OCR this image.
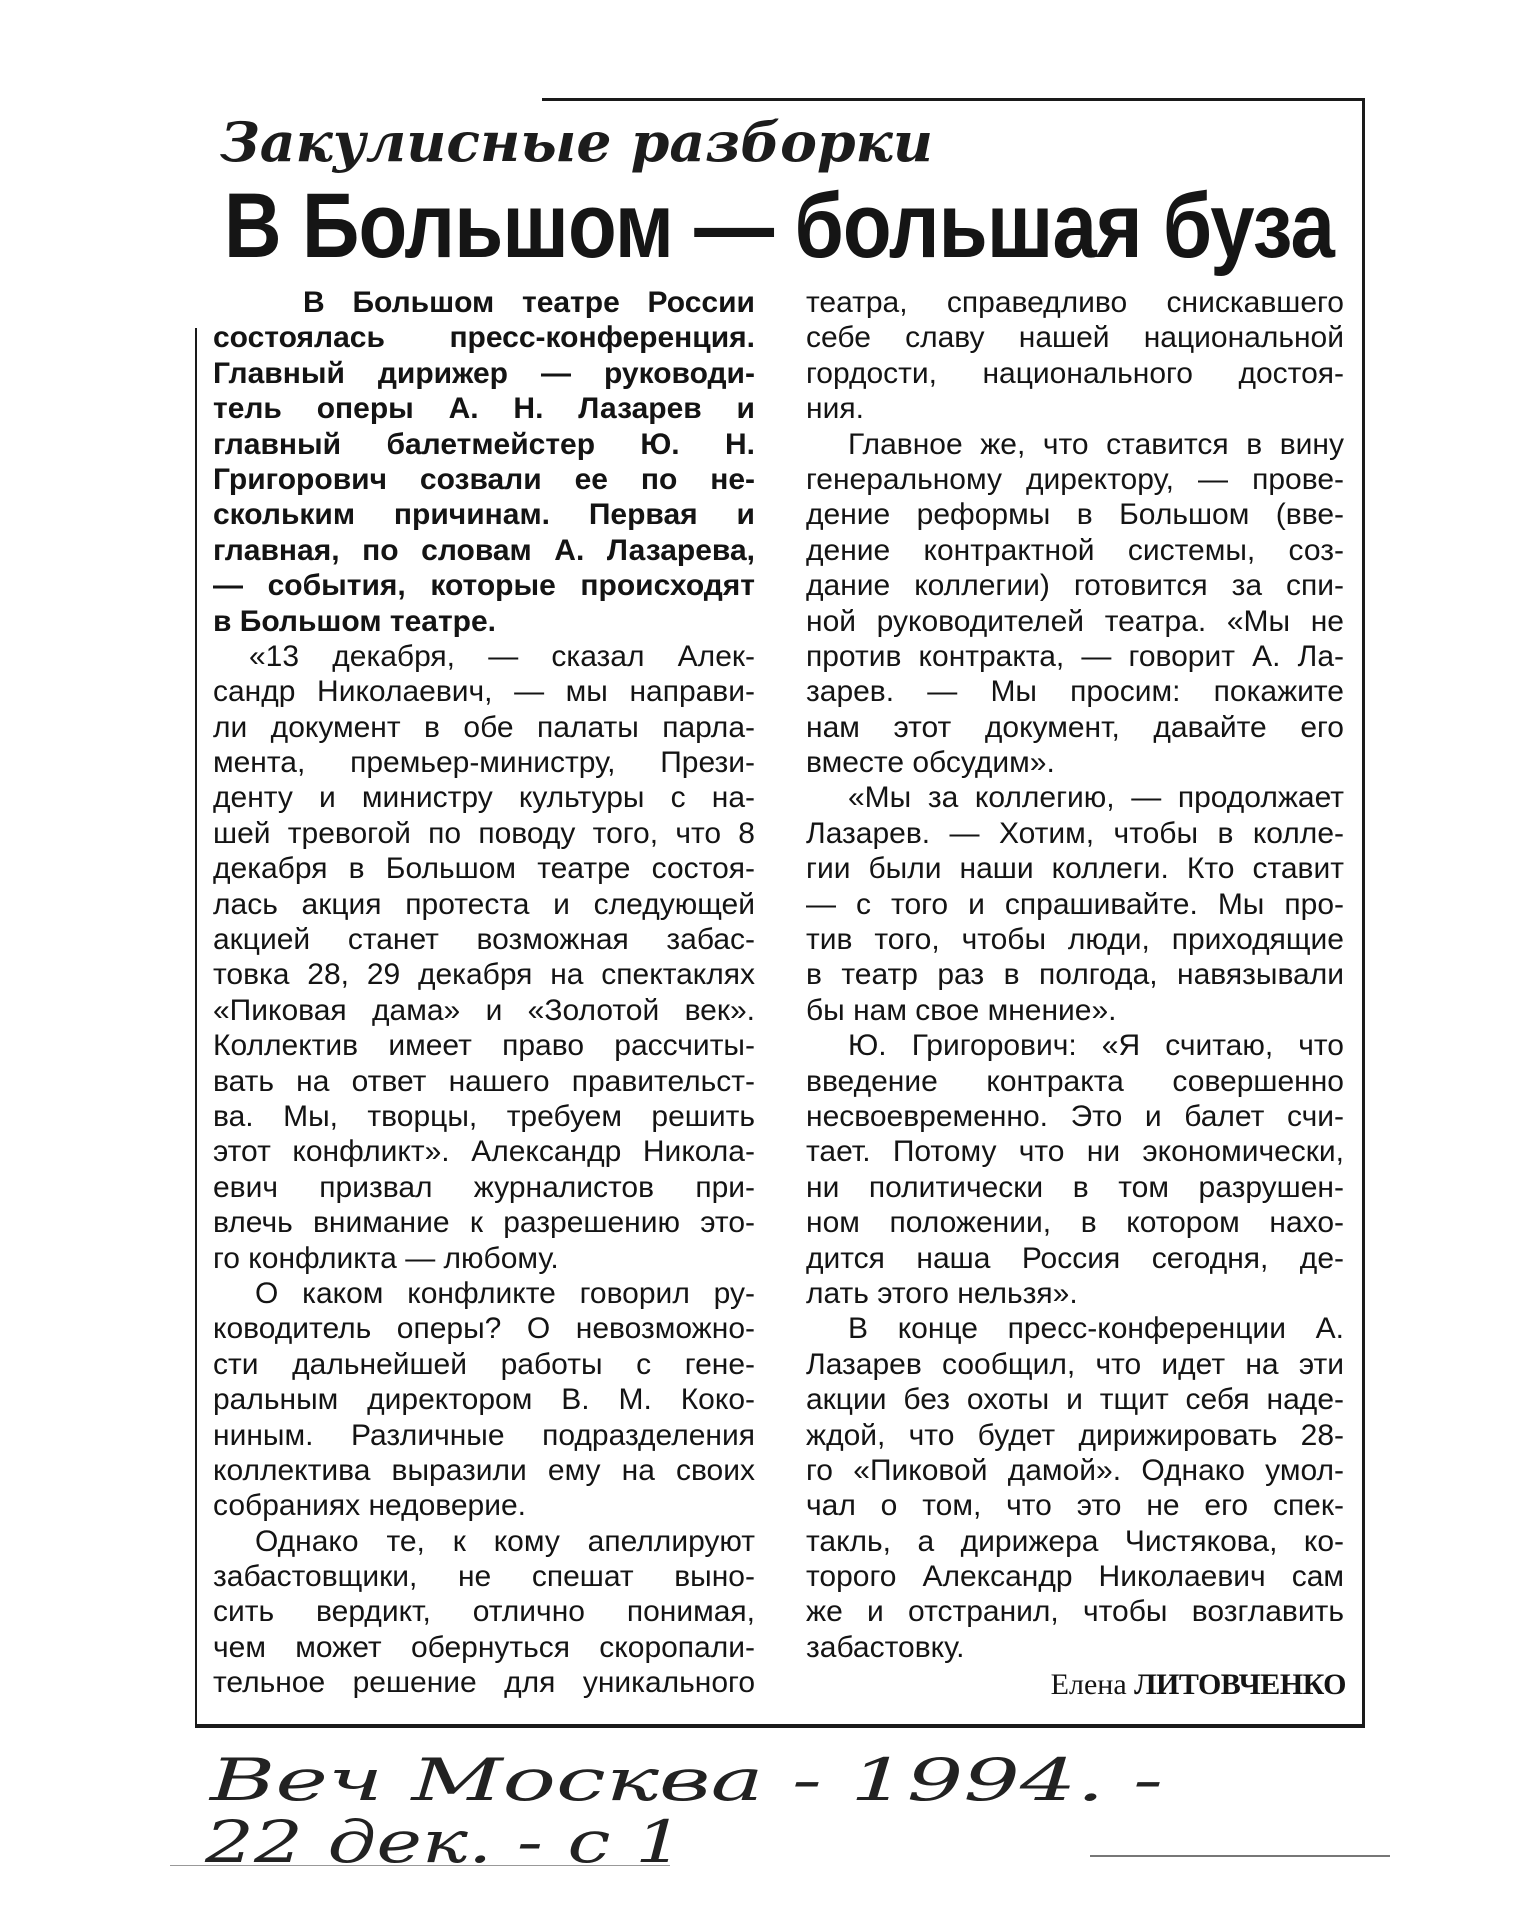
Закулисные разборки
В Большом — большая буза
В Большом театре России
состоялась пресс-конференция.
Главный дирижер — руководи-
тель оперы А. Н. Лазарев и
главный балетмейстер Ю. Н.
Григорович созвали ее по не-
скольким причинам. Первая и
главная, по словам А. Лазарева,
— события, которые происходят
в Большом театре.
«13 декабря, — сказал Алек-
сандр Николаевич, — мы направи-
ли документ в обе палаты парла-
мента, премьер-министру, Прези-
денту и министру культуры с на-
шей тревогой по поводу того, что 8
декабря в Большом театре состоя-
лась акция протеста и следующей
акцией станет возможная забас-
товка 28, 29 декабря на спектаклях
«Пиковая дама» и «Золотой век».
Коллектив имеет право рассчиты-
вать на ответ нашего правительст-
ва. Мы, творцы, требуем решить
этот конфликт». Александр Никола-
евич призвал журналистов при-
влечь внимание к разрешению это-
го конфликта — любому.
О каком конфликте говорил ру-
ководитель оперы? О невозможно-
сти дальнейшей работы с гене-
ральным директором В. М. Коко-
ниным. Различные подразделения
коллектива выразили ему на своих
собраниях недоверие.
Однако те, к кому апеллируют
забастовщики, не спешат выно-
сить вердикт, отлично понимая,
чем может обернуться скоропали-
тельное решение для уникального
театра, справедливо снискавшего
себе славу нашей национальной
гордости, национального достоя-
ния.
Главное же, что ставится в вину
генеральному директору, — прове-
дение реформы в Большом (вве-
дение контрактной системы, соз-
дание коллегии) готовится за спи-
ной руководителей театра. «Мы не
против контракта, — говорит А. Ла-
зарев. — Мы просим: покажите
нам этот документ, давайте его
вместе обсудим».
«Мы за коллегию, — продолжает
Лазарев. — Хотим, чтобы в колле-
гии были наши коллеги. Кто ставит
— с того и спрашивайте. Мы про-
тив того, чтобы люди, приходящие
в театр раз в полгода, навязывали
бы нам свое мнение».
Ю. Григорович: «Я считаю, что
введение контракта совершенно
несвоевременно. Это и балет счи-
тает. Потому что ни экономически,
ни политически в том разрушен-
ном положении, в котором нахо-
дится наша Россия сегодня, де-
лать этого нельзя».
В конце пресс-конференции А.
Лазарев сообщил, что идет на эти
акции без охоты и тщит себя наде-
ждой, что будет дирижировать 28-
го «Пиковой дамой». Однако умол-
чал о том, что это не его спек-
такль, а дирижера Чистякова, ко-
торого Александр Николаевич сам
же и отстранил, чтобы возглавить
забастовку.
Елена ЛИТОВЧЕНКО
Веч Москва - 1994. -
22 дек. - с 1
